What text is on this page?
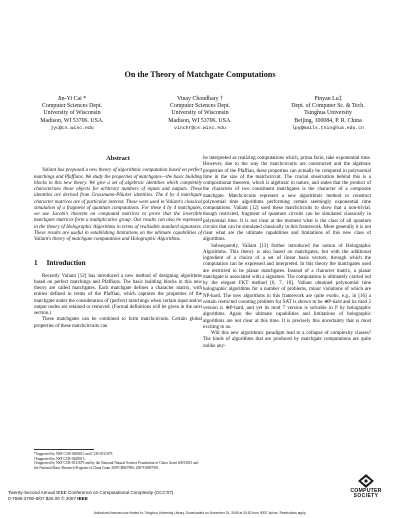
On the Theory of Matchgate Computations
Jin-Yi Cai *
Computer Sciences Dept.
University of Wisconsin
Madison, WI 53706. USA.
jyc@cs.wisc.edu
Vinay Choudhary †
Computer Sciences Dept.
University of Wisconsin
Madison, WI 53706. USA.
vinchr@cs.wisc.edu
Pinyan Lu‡
Dept. of Computer Sc. & Tech.
Tsinghua University
Beijing, 100084, P. R. China
lpy@mails.tsinghua.edu.cn
Abstract

Valiant has proposed a new theory of algorithmic computation based on perfect matchings and Pfaffians. We study the properties of matchgates—the basic building blocks in this new theory. We give a set of algebraic identities which completely characterizes these objects for arbitrary numbers of inputs and outputs. These identities are derived from Grassmann-Plücker identities. The 4 by 4 matchgate character matrices are of particular interest. These were used in Valiant's classical simulation of a fragment of quantum computations. For these 4 by 4 matchgates, we use Jacobi's theorem on compound matrices to prove that the invertible matchgate matrices form a multiplicative group. Our results can also be expressed in the theory of Holographic Algorithms in terms of realizable standard signatures. These results are useful in establishing limitations on the ultimate capabilities of Valiant's theory of matchgate computations and Holographic Algorithms.

1 Introduction

Recently Valiant [12] has introduced a new method of designing algorithms based on perfect matchings and Pfaffians. The basic building blocks in this new theory are called matchgates. Each matchgate defines a character matrix, with entries defined in terms of the Pfaffian, which captures the properties of the matchgate under the consideration of (perfect) matchings when certain input and/or output nodes are retained or removed. (Formal definitions will be given in the next section.)

These matchgates can be combined to form matchcircuits. Certain global properties of these matchcircuits can

be interpreted as realizing computations which, prima facie, take exponential time. However, due to the way the matchcircuits are constructed and the algebraic properties of the Pfaffian, these properties can actually be computed in polynomial time in the size of the matchcircuit. The crucial observation behind this is a compositional theorem, which is algebraic in nature, and states that the product of the characters of two constituent matchgates is the character of a composite matchgate. Matchcircuits represent a new algorithmic method to construct polynomial time algorithms performing certain seemingly exponential time computations. Valiant [12] used these matchcircuits to show that a non-trivial, though restricted, fragment of quantum circuits can be simulated classically in polynomial time. It is not clear at the moment what is the class of all quantum circuits that can be simulated classically in this framework. More generally it is not clear what are the ultimate capabilities and limitations of this new class of algorithms.

Subsequently, Valiant [13] further introduced the notion of Holographic Algorithms. This theory is also based on matchgates, but with the additional ingredient of a choice of a set of linear basis vectors, through which the computation can be expressed and interpreted. In this theory the matchgates used are restricted to be planar matchgates. Instead of a character matrix, a planar matchgate is associated with a signature. The computation is ultimately carried out by the elegant FKT method [6, 7, 10]. Valiant obtained polynomial time holographic algorithms for a number of problems, minor variations of which are NP-hard. The new algorithms in this framework are quite exotic, e.g., in [16] a certain restricted counting problem for SAT is shown to be ⊕P-hard and its mod 2 version is ⊕P-hard, and yet its mod 7 version is solvable in P by holographic algorithms. Again the ultimate capabilities and limitations of holographic algorithms are not clear at this time. It is precisely this uncertainty that is most exciting to us.

Will this new algorithmic paradigm lead to a collapse of complexity classes? The kinds of algorithms that are produced by matchgate computations are quite unlike any-

*Supported by NSF CCR-0208013 and CCR-0511679.
†Supported by NSF CCR-0208013.
‡Supported by NSF CCR-0511679 and by the National Natural Science Foundation of China Grant 60553001 and the National Basic Research Program of China Grant 2007CB807900, 2007CB807901.
Twenty-Second Annual IEEE Conference on Computational Complexity (CCC'07)
0-7695-2780-9/07 $20.00 © 2007 IEEE
COMPUTER
SOCIETY
Authorized licensed use limited to: Tsinghua University Library. Downloaded on November 24, 2008 at 00:52 from IEEE Xplore. Restrictions apply.
